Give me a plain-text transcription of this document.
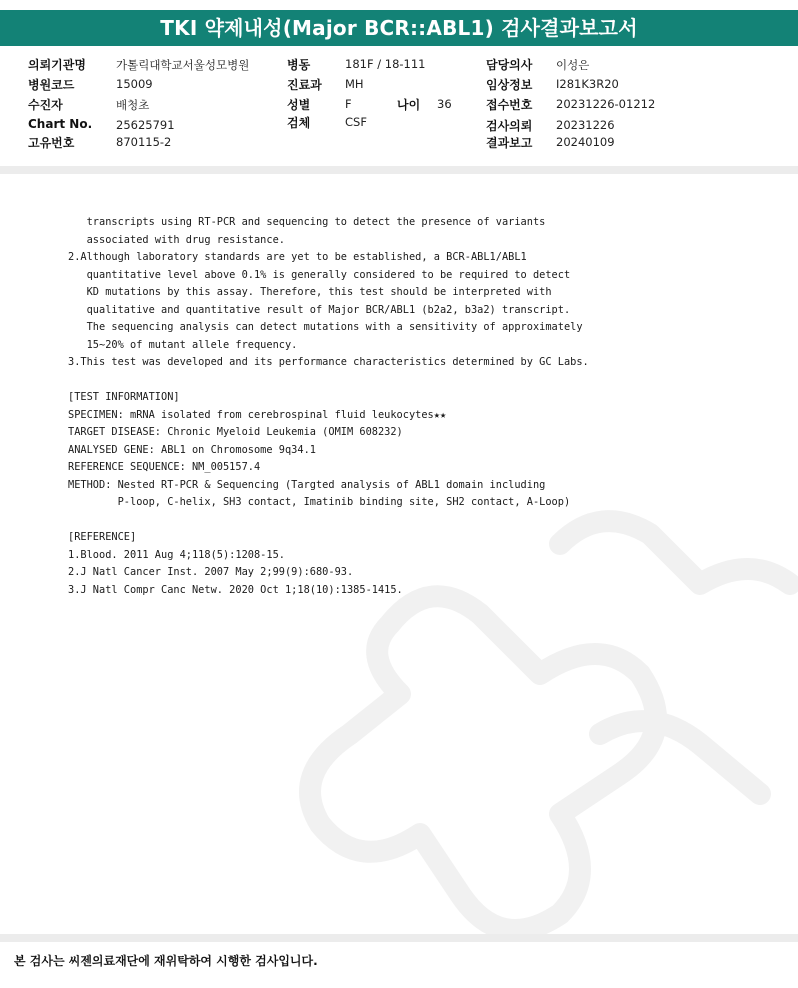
TKI 약제내성(Major BCR::ABL1) 검사결과보고서
의뢰기관명	가톨릭대학교서울성모병원
병원코드	15009
수진자	배청초
Chart No. 25625791
고유번호	870115-2
병동	181F / 18-111
진료과 MH
성별	F
검체	CSF
나이 36
담당의사 이성은
임상정보 I281K3R20
접수번호 20231226-01212
검사의뢰 20231226
결과보고 20240109
transcripts using RT-PCR and sequencing to detect the presence of variants
associated with drug resistance.
2.Although laboratory standards are yet to be established, a BCR-ABL1/ABL1
quantitative level above 0.1% is generally considered to be required to detect
KD mutations by this assay. Therefore, this test should be interpreted with
qualitative and quantitative result of Major BCR/ABL1 (b2a2, b3a2) transcript.
The sequencing analysis can detect mutations with a sensitivity of approximately
15~20% of mutant allele frequency.
3.This test was developed and its performance characteristics determined by GC Labs.

[TEST INFORMATION]
SPECIMEN: mRNA isolated from cerebrospinal fluid leukocytes★★
TARGET DISEASE: Chronic Myeloid Leukemia (OMIM 608232)
ANALYSED GENE: ABL1 on Chromosome 9q34.1
REFERENCE SEQUENCE: NM_005157.4
METHOD: Nested RT-PCR & Sequencing (Targted analysis of ABL1 domain including
P-loop, C-helix, SH3 contact, Imatinib binding site, SH2 contact, A-Loop)

[REFERENCE]
1.Blood. 2011 Aug 4;118(5):1208-15.
2.J Natl Cancer Inst. 2007 May 2;99(9):680-93.
3.J Natl Compr Canc Netw. 2020 Oct 1;18(10):1385-1415.
본 검사는 씨젠의료재단에 재위탁하여 시행한 검사입니다.
